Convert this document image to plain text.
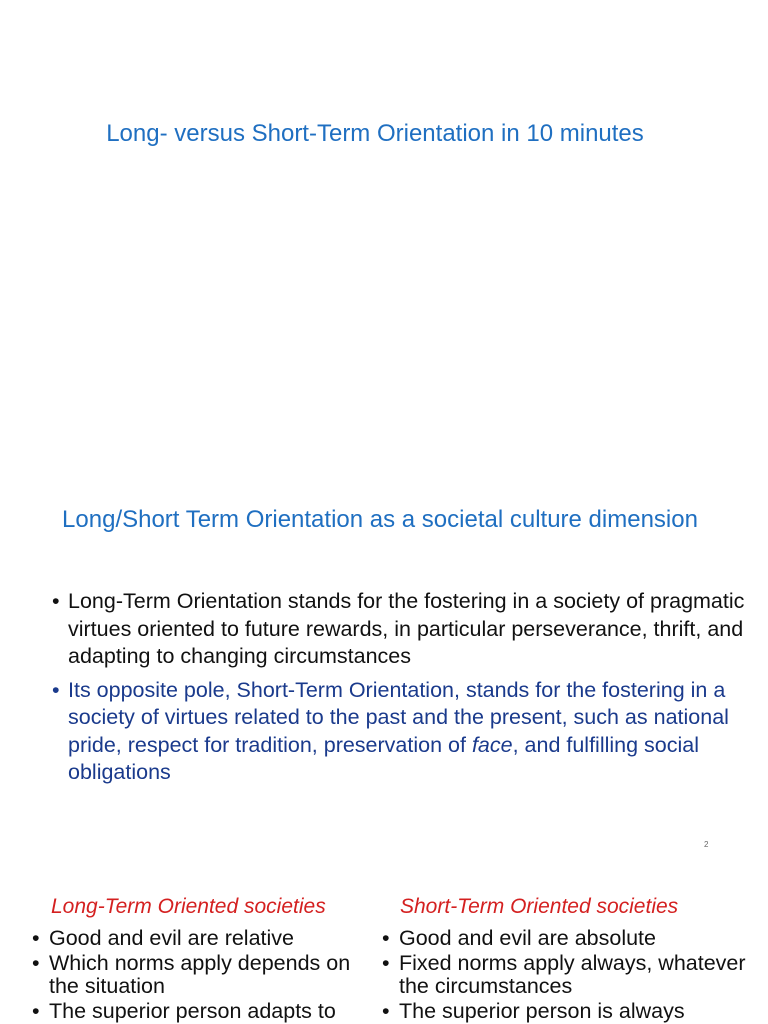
Long- versus Short-Term Orientation in 10 minutes
Long/Short Term Orientation as a societal culture dimension
• Long-Term Orientation stands for the fostering in a society of pragmatic virtues oriented to future rewards, in particular perseverance, thrift, and adapting to changing circumstances
• Its opposite pole, Short-Term Orientation, stands for the fostering in a society of virtues related to the past and the present, such as national pride, respect for tradition, preservation of face, and fulfilling social obligations
2
Long-Term Oriented societies	Short-Term Oriented societies
• Good and evil are relative
• Which norms apply depends on the situation
• The superior person adapts to
• Good and evil are absolute
• Fixed norms apply always, whatever the circumstances
• The superior person is always
